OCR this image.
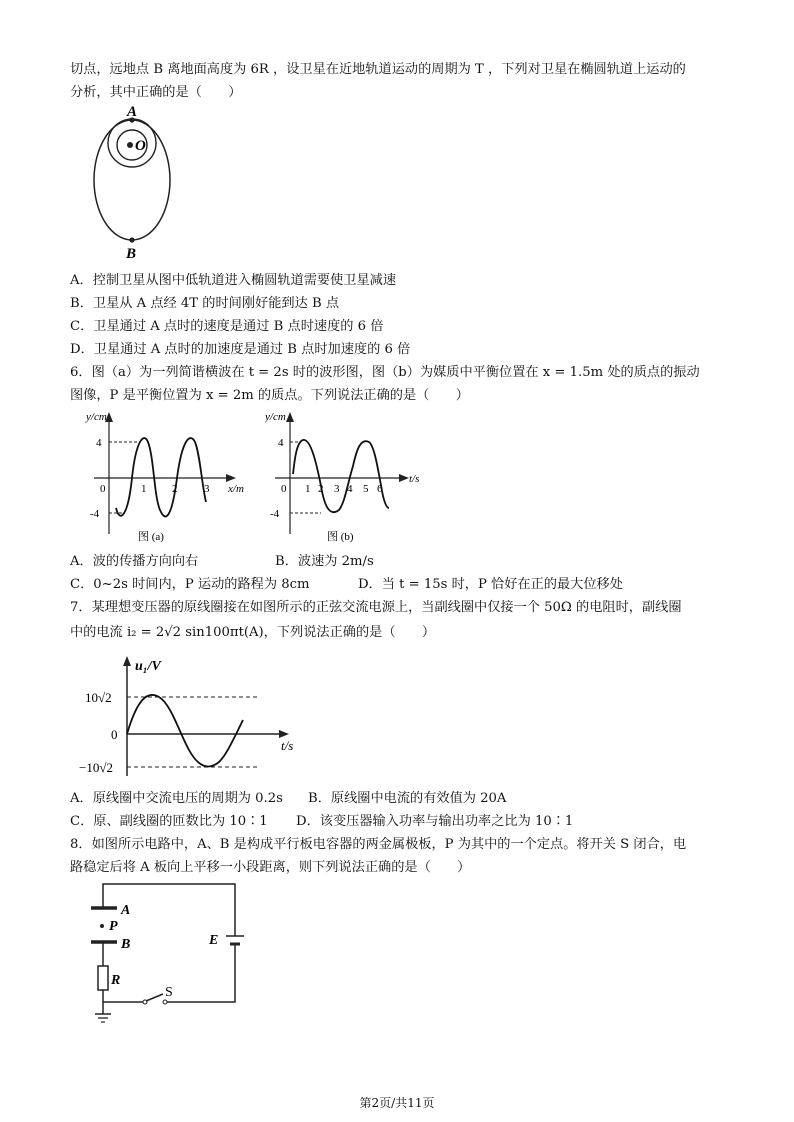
切点，远地点 B 离地面高度为 6R ，设卫星在近地轨道运动的周期为 T ，下列对卫星在椭圆轨道上运动的
分析，其中正确的是（　　）
A
O
B
A．控制卫星从图中低轨道进入椭圆轨道需要使卫星减速
B．卫星从 A 点经 4T 的时间刚好能到达 B 点
C．卫星通过 A 点时的速度是通过 B 点时速度的 6 倍
D．卫星通过 A 点时的加速度是通过 B 点时加速度的 6 倍
6．图（a）为一列简谐横波在 t = 2s 时的波形图，图（b）为媒质中平衡位置在 x = 1.5m 处的质点的振动
图像，P 是平衡位置为 x = 2m 的质点。下列说法正确的是（　　）
y/cm
4
-4
0	1 2 3 x/m
图 (a)
y/cm
4
-4
0 1 2 3 4 5 6
t/s
图 (b)
A．波的传播方向向右	B．波速为 2m/s
C．0~2s 时间内，P 运动的路程为 8cm	D．当 t = 15s 时，P 恰好在正的最大位移处
7．某理想变压器的原线圈接在如图所示的正弦交流电源上，当副线圈中仅接一个 50Ω 的电阻时，副线圈
中的电流 i₂ = 2√2 sin100πt(A)，下列说法正确的是（　　）
u₁/V
10√2
0
−10√2
t/s
A．原线圈中交流电压的周期为 0.2s B．原线圈中电流的有效值为 20A
C．原、副线圈的匝数比为 10∶1 D．该变压器输入功率与输出功率之比为 10∶1
8．如图所示电路中，A、B 是构成平行板电容器的两金属极板，P 为其中的一个定点。将开关 S 闭合，电
路稳定后将 A 板向上平移一小段距离，则下列说法正确的是（　　）
A
P
B
R
S
E
第2页/共11页
